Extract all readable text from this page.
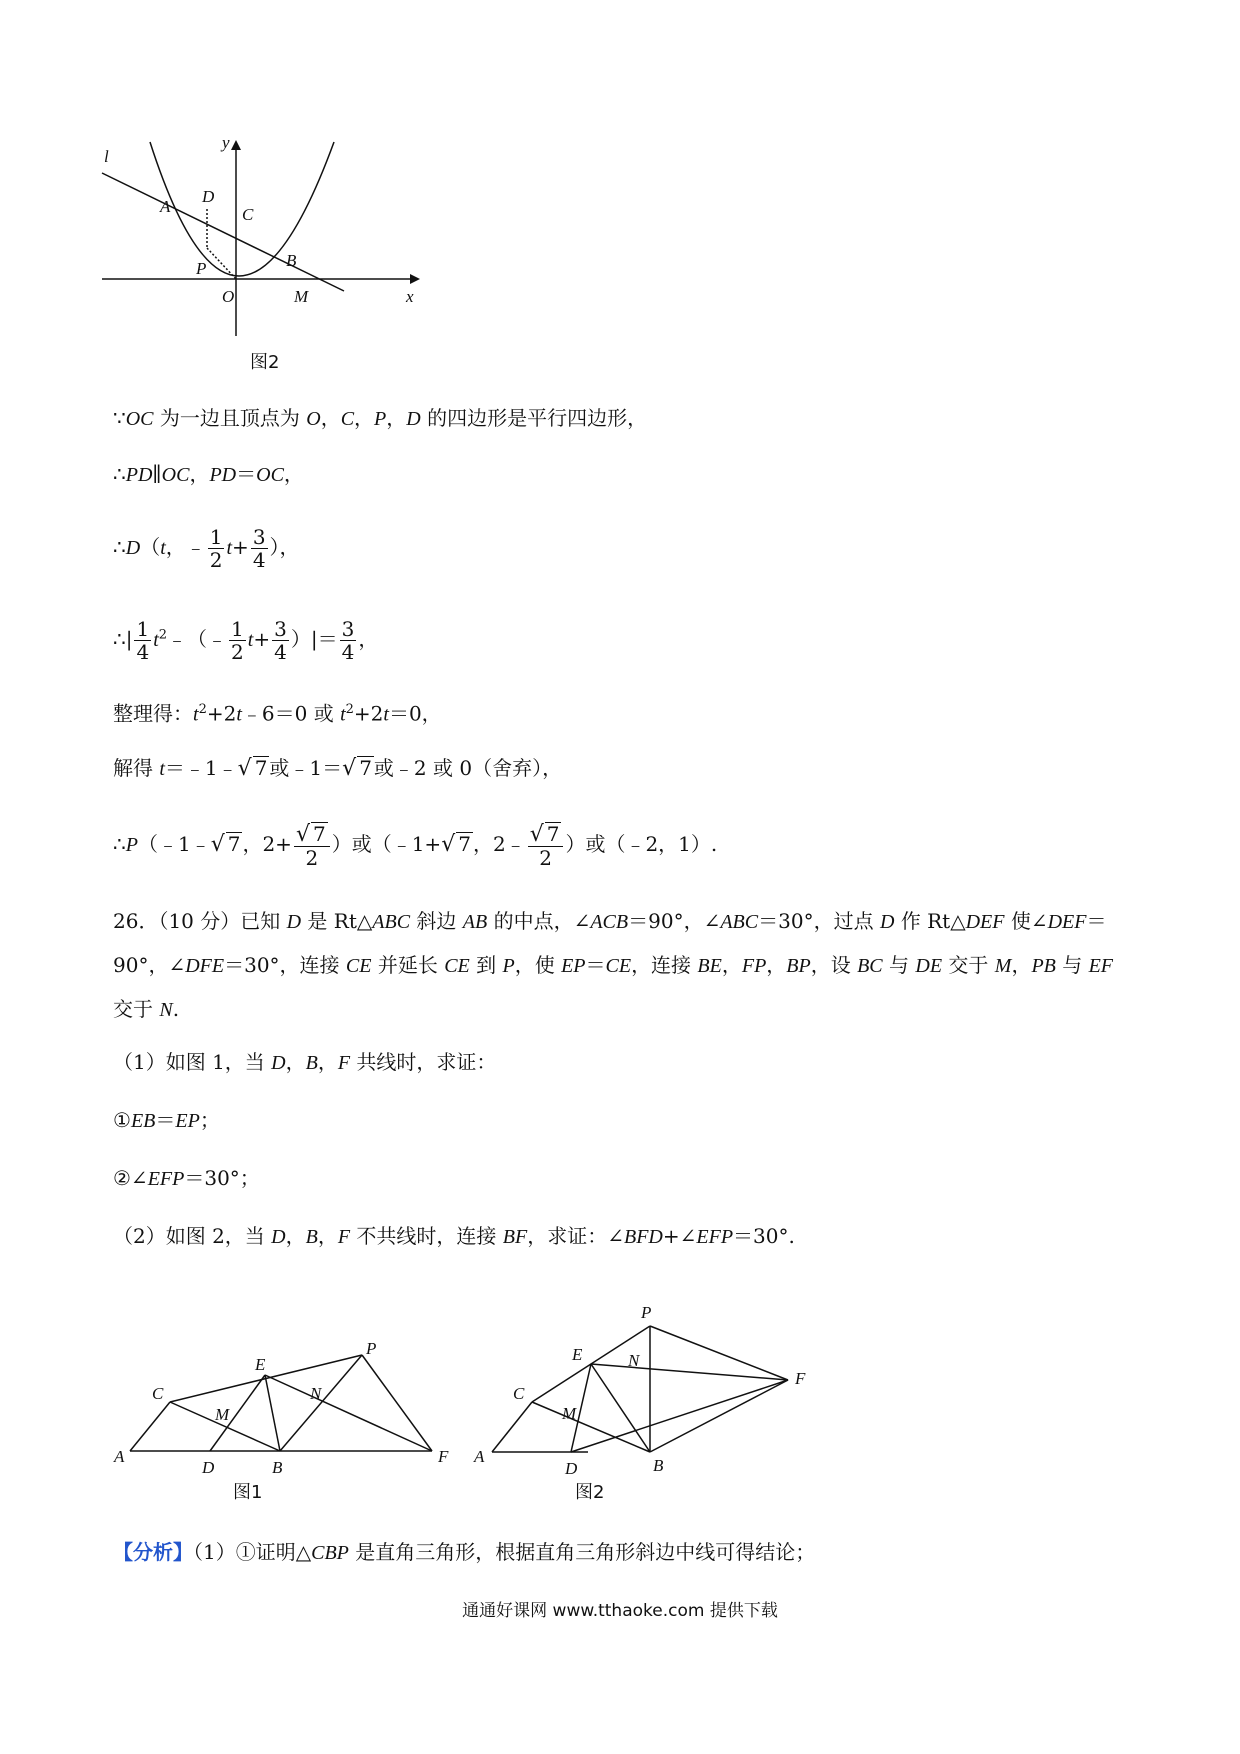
l
y
x
A
D
C
B
P
O	M
图2
∵OC 为一边且顶点为 O，C，P，D 的四边形是平行四边形，
∴PD∥OC，PD＝OC，
∴D（t，﹣ $\frac{1}{2} t+ \frac{3}{4}$ ），
∴| $\frac{1}{4}$ $t^2﹣(﹣ \frac{1}{2} t+ \frac{3}{4}$ ）|＝ $\frac{3}{4}$ ，
整理得：$t^2+2t﹣6=0$ 或 $t^2+2t=0$，
解得 t＝﹣1﹣√ 7 或﹣1＝√ 7 或﹣2 或 0（舍弃），
∴P（﹣1﹣√ 7 ，$2+ \frac{√ 7}{2}$ ）或（﹣1+√ 7 ，2﹣ $\frac{√ 7}{2}$ ）或（﹣2，1）.
26．（10 分）已知 D 是 Rt△ABC 斜边 AB 的中点，∠ACB＝90°，∠ABC＝30°，过点 D 作 Rt△DEF 使∠DEF＝90°，∠DFE＝30°，连接 CE 并延长 CE 到 P，使 EP＝CE，连接 BE，FP，BP，设 BC 与 DE 交于 M，PB 与 EF 交于 N.
（1）如图 1，当 D，B，F 共线时，求证：
①EB＝EP；
②∠EFP＝30°；
（2）如图 2，当 D，B，F 不共线时，连接 BF，求证：∠BFD+∠EFP＝30°.
A
C
E
M
N
P
D	B
F
图1
A
C
E
M
N
P
D	B
F
图2
【分析】（1）①证明△CBP 是直角三角形，根据直角三角形斜边中线可得结论；
通通好课网 www.tthaoke.com 提供下载
